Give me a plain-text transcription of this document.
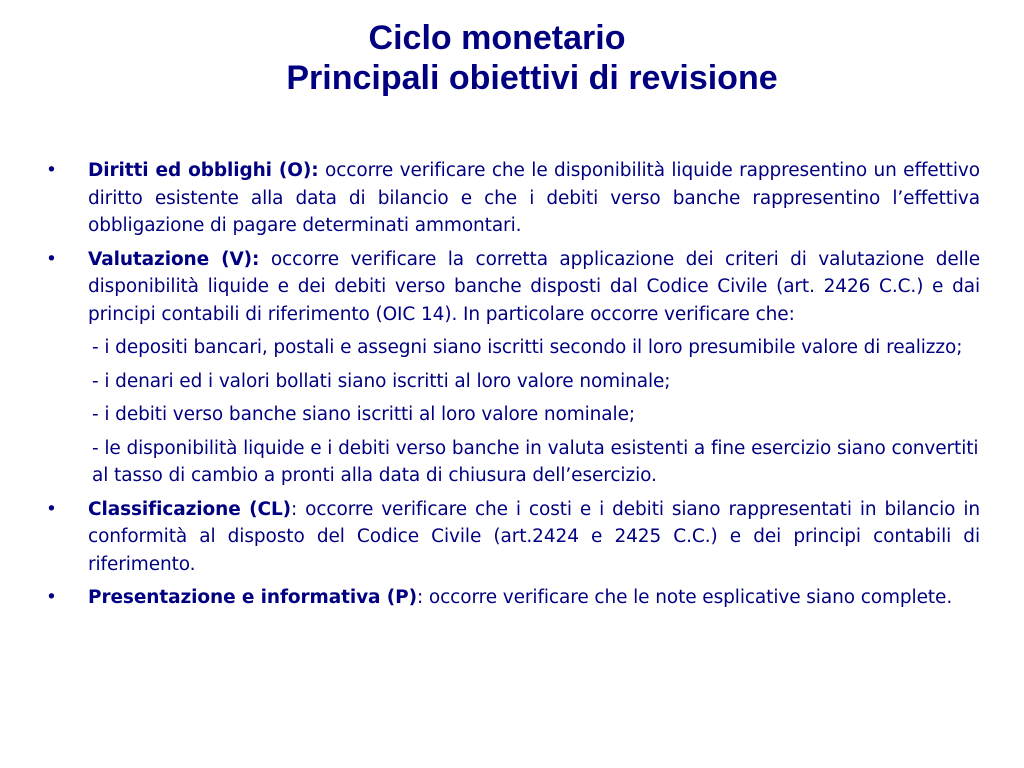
Ciclo monetario
Principali obiettivi di revisione
• Diritti ed obblighi (O): occorre verificare che le disponibilità liquide rappresentino un effettivo diritto esistente alla data di bilancio e che i debiti verso banche rappresentino l’effettiva obbligazione di pagare determinati ammontari.
• Valutazione (V): occorre verificare la corretta applicazione dei criteri di valutazione delle disponibilità liquide e dei debiti verso banche disposti dal Codice Civile (art. 2426 C.C.) e dai principi contabili di riferimento (OIC 14). In particolare occorre verificare che:
- i depositi bancari, postali e assegni siano iscritti secondo il loro presumibile valore di realizzo;
- i denari ed i valori bollati siano iscritti al loro valore nominale;
- i debiti verso banche siano iscritti al loro valore nominale;
- le disponibilità liquide e i debiti verso banche in valuta esistenti a fine esercizio siano convertiti al tasso di cambio a pronti alla data di chiusura dell’esercizio.
• Classificazione (CL): occorre verificare che i costi e i debiti siano rappresentati in bilancio in conformità al disposto del Codice Civile (art.2424 e 2425 C.C.) e dei principi contabili di riferimento.
• Presentazione e informativa (P): occorre verificare che le note esplicative siano complete.
